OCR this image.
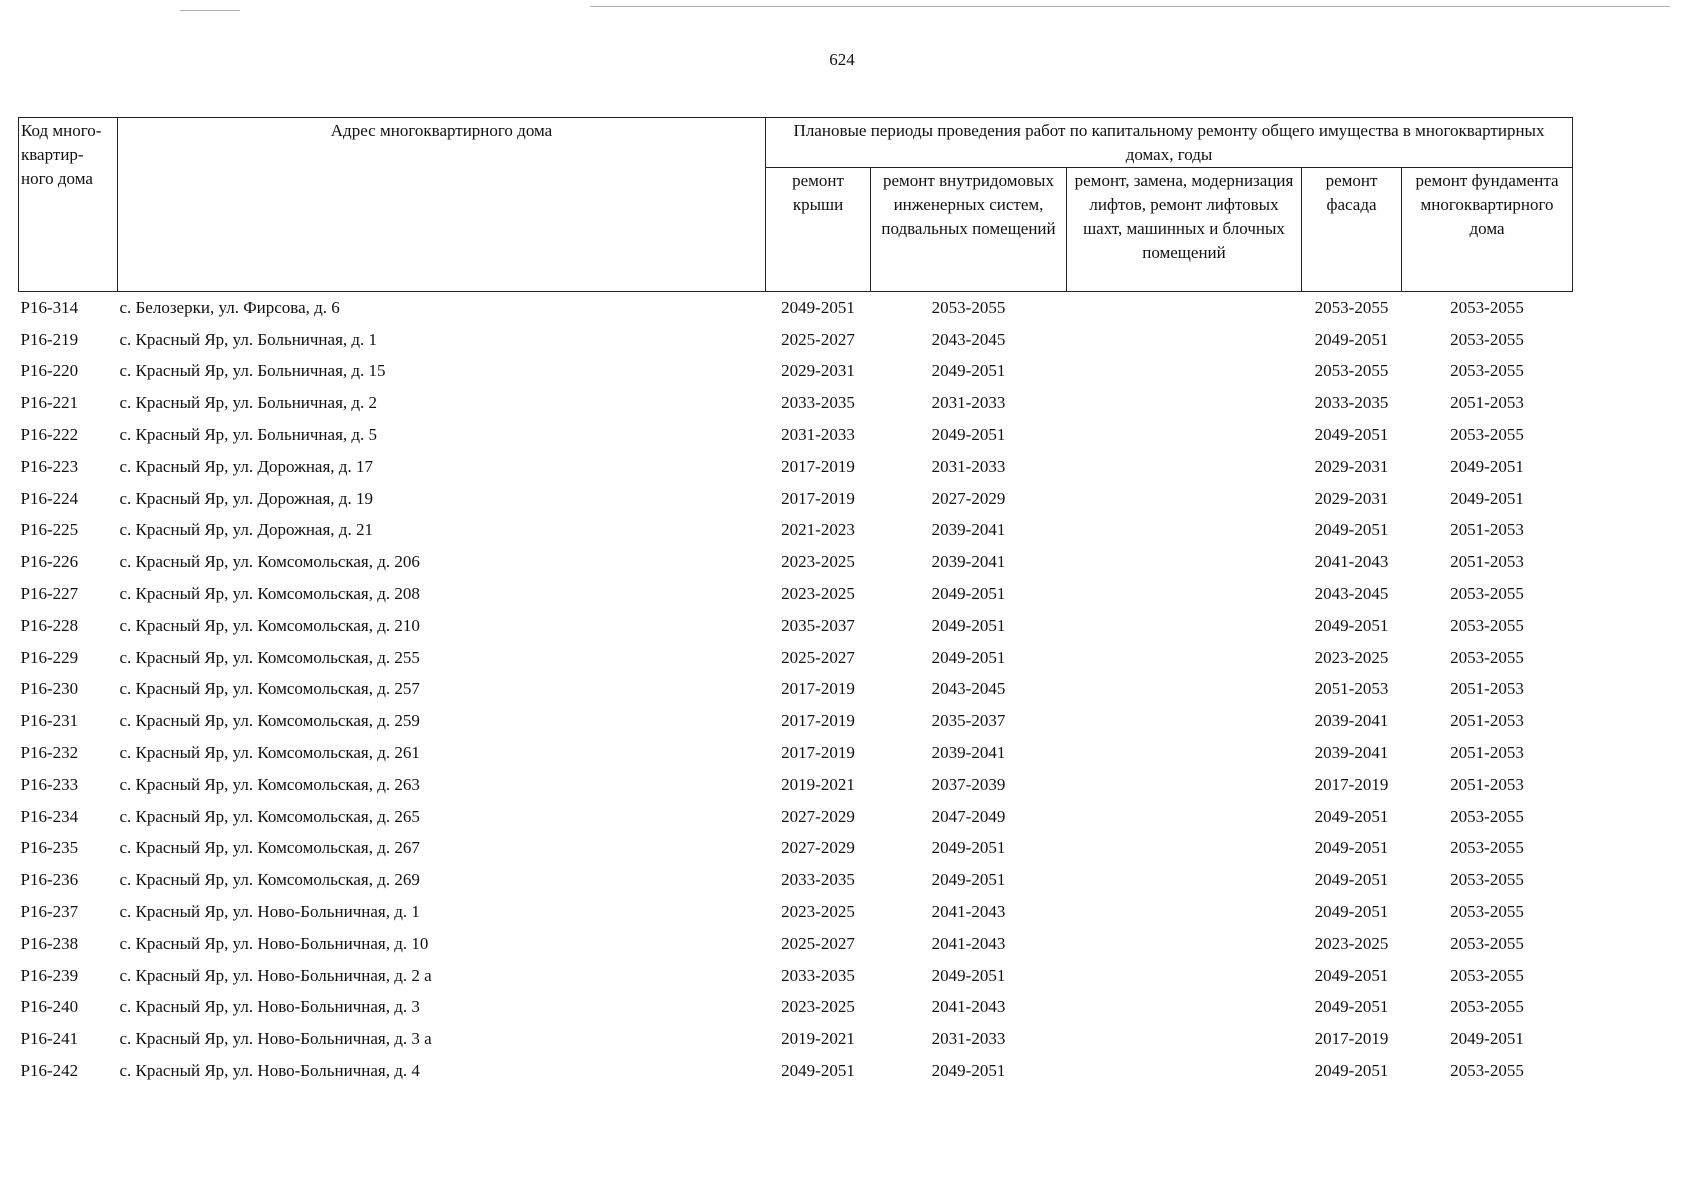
624
Код много-квартир-ного дома	Адрес многоквартирного дома	Плановые периоды проведения работ по капитальному ремонту общего имущества в многоквартирных домах, годы				
		ремонт крыши	ремонт внутридомовых инженерных систем, подвальных помещений	ремонт, замена, модернизация лифтов, ремонт лифтовых шахт, машинных и блочных помещений	ремонт фасада	ремонт фундамента многоквартирного дома
P16-314	с. Белозерки, ул. Фирсова, д. 6	2049-2051	2053-2055		2053-2055	2053-2055
P16-219	с. Красный Яр, ул. Больничная, д. 1	2025-2027	2043-2045		2049-2051	2053-2055
P16-220	с. Красный Яр, ул. Больничная, д. 15	2029-2031	2049-2051		2053-2055	2053-2055
P16-221	с. Красный Яр, ул. Больничная, д. 2	2033-2035	2031-2033		2033-2035	2051-2053
P16-222	с. Красный Яр, ул. Больничная, д. 5	2031-2033	2049-2051		2049-2051	2053-2055
P16-223	с. Красный Яр, ул. Дорожная, д. 17	2017-2019	2031-2033		2029-2031	2049-2051
P16-224	с. Красный Яр, ул. Дорожная, д. 19	2017-2019	2027-2029		2029-2031	2049-2051
P16-225	с. Красный Яр, ул. Дорожная, д. 21	2021-2023	2039-2041		2049-2051	2051-2053
P16-226	с. Красный Яр, ул. Комсомольская, д. 206	2023-2025	2039-2041		2041-2043	2051-2053
P16-227	с. Красный Яр, ул. Комсомольская, д. 208	2023-2025	2049-2051		2043-2045	2053-2055
P16-228	с. Красный Яр, ул. Комсомольская, д. 210	2035-2037	2049-2051		2049-2051	2053-2055
P16-229	с. Красный Яр, ул. Комсомольская, д. 255	2025-2027	2049-2051		2023-2025	2053-2055
P16-230	с. Красный Яр, ул. Комсомольская, д. 257	2017-2019	2043-2045		2051-2053	2051-2053
P16-231	с. Красный Яр, ул. Комсомольская, д. 259	2017-2019	2035-2037		2039-2041	2051-2053
P16-232	с. Красный Яр, ул. Комсомольская, д. 261	2017-2019	2039-2041		2039-2041	2051-2053
P16-233	с. Красный Яр, ул. Комсомольская, д. 263	2019-2021	2037-2039		2017-2019	2051-2053
P16-234	с. Красный Яр, ул. Комсомольская, д. 265	2027-2029	2047-2049		2049-2051	2053-2055
P16-235	с. Красный Яр, ул. Комсомольская, д. 267	2027-2029	2049-2051		2049-2051	2053-2055
P16-236	с. Красный Яр, ул. Комсомольская, д. 269	2033-2035	2049-2051		2049-2051	2053-2055
P16-237	с. Красный Яр, ул. Ново-Больничная, д. 1	2023-2025	2041-2043		2049-2051	2053-2055
P16-238	с. Красный Яр, ул. Ново-Больничная, д. 10	2025-2027	2041-2043		2023-2025	2053-2055
P16-239	с. Красный Яр, ул. Ново-Больничная, д. 2 а	2033-2035	2049-2051		2049-2051	2053-2055
P16-240	с. Красный Яр, ул. Ново-Больничная, д. 3	2023-2025	2041-2043		2049-2051	2053-2055
P16-241	с. Красный Яр, ул. Ново-Больничная, д. 3 а	2019-2021	2031-2033		2017-2019	2049-2051
P16-242	с. Красный Яр, ул. Ново-Больничная, д. 4	2049-2051	2049-2051		2049-2051	2053-2055
